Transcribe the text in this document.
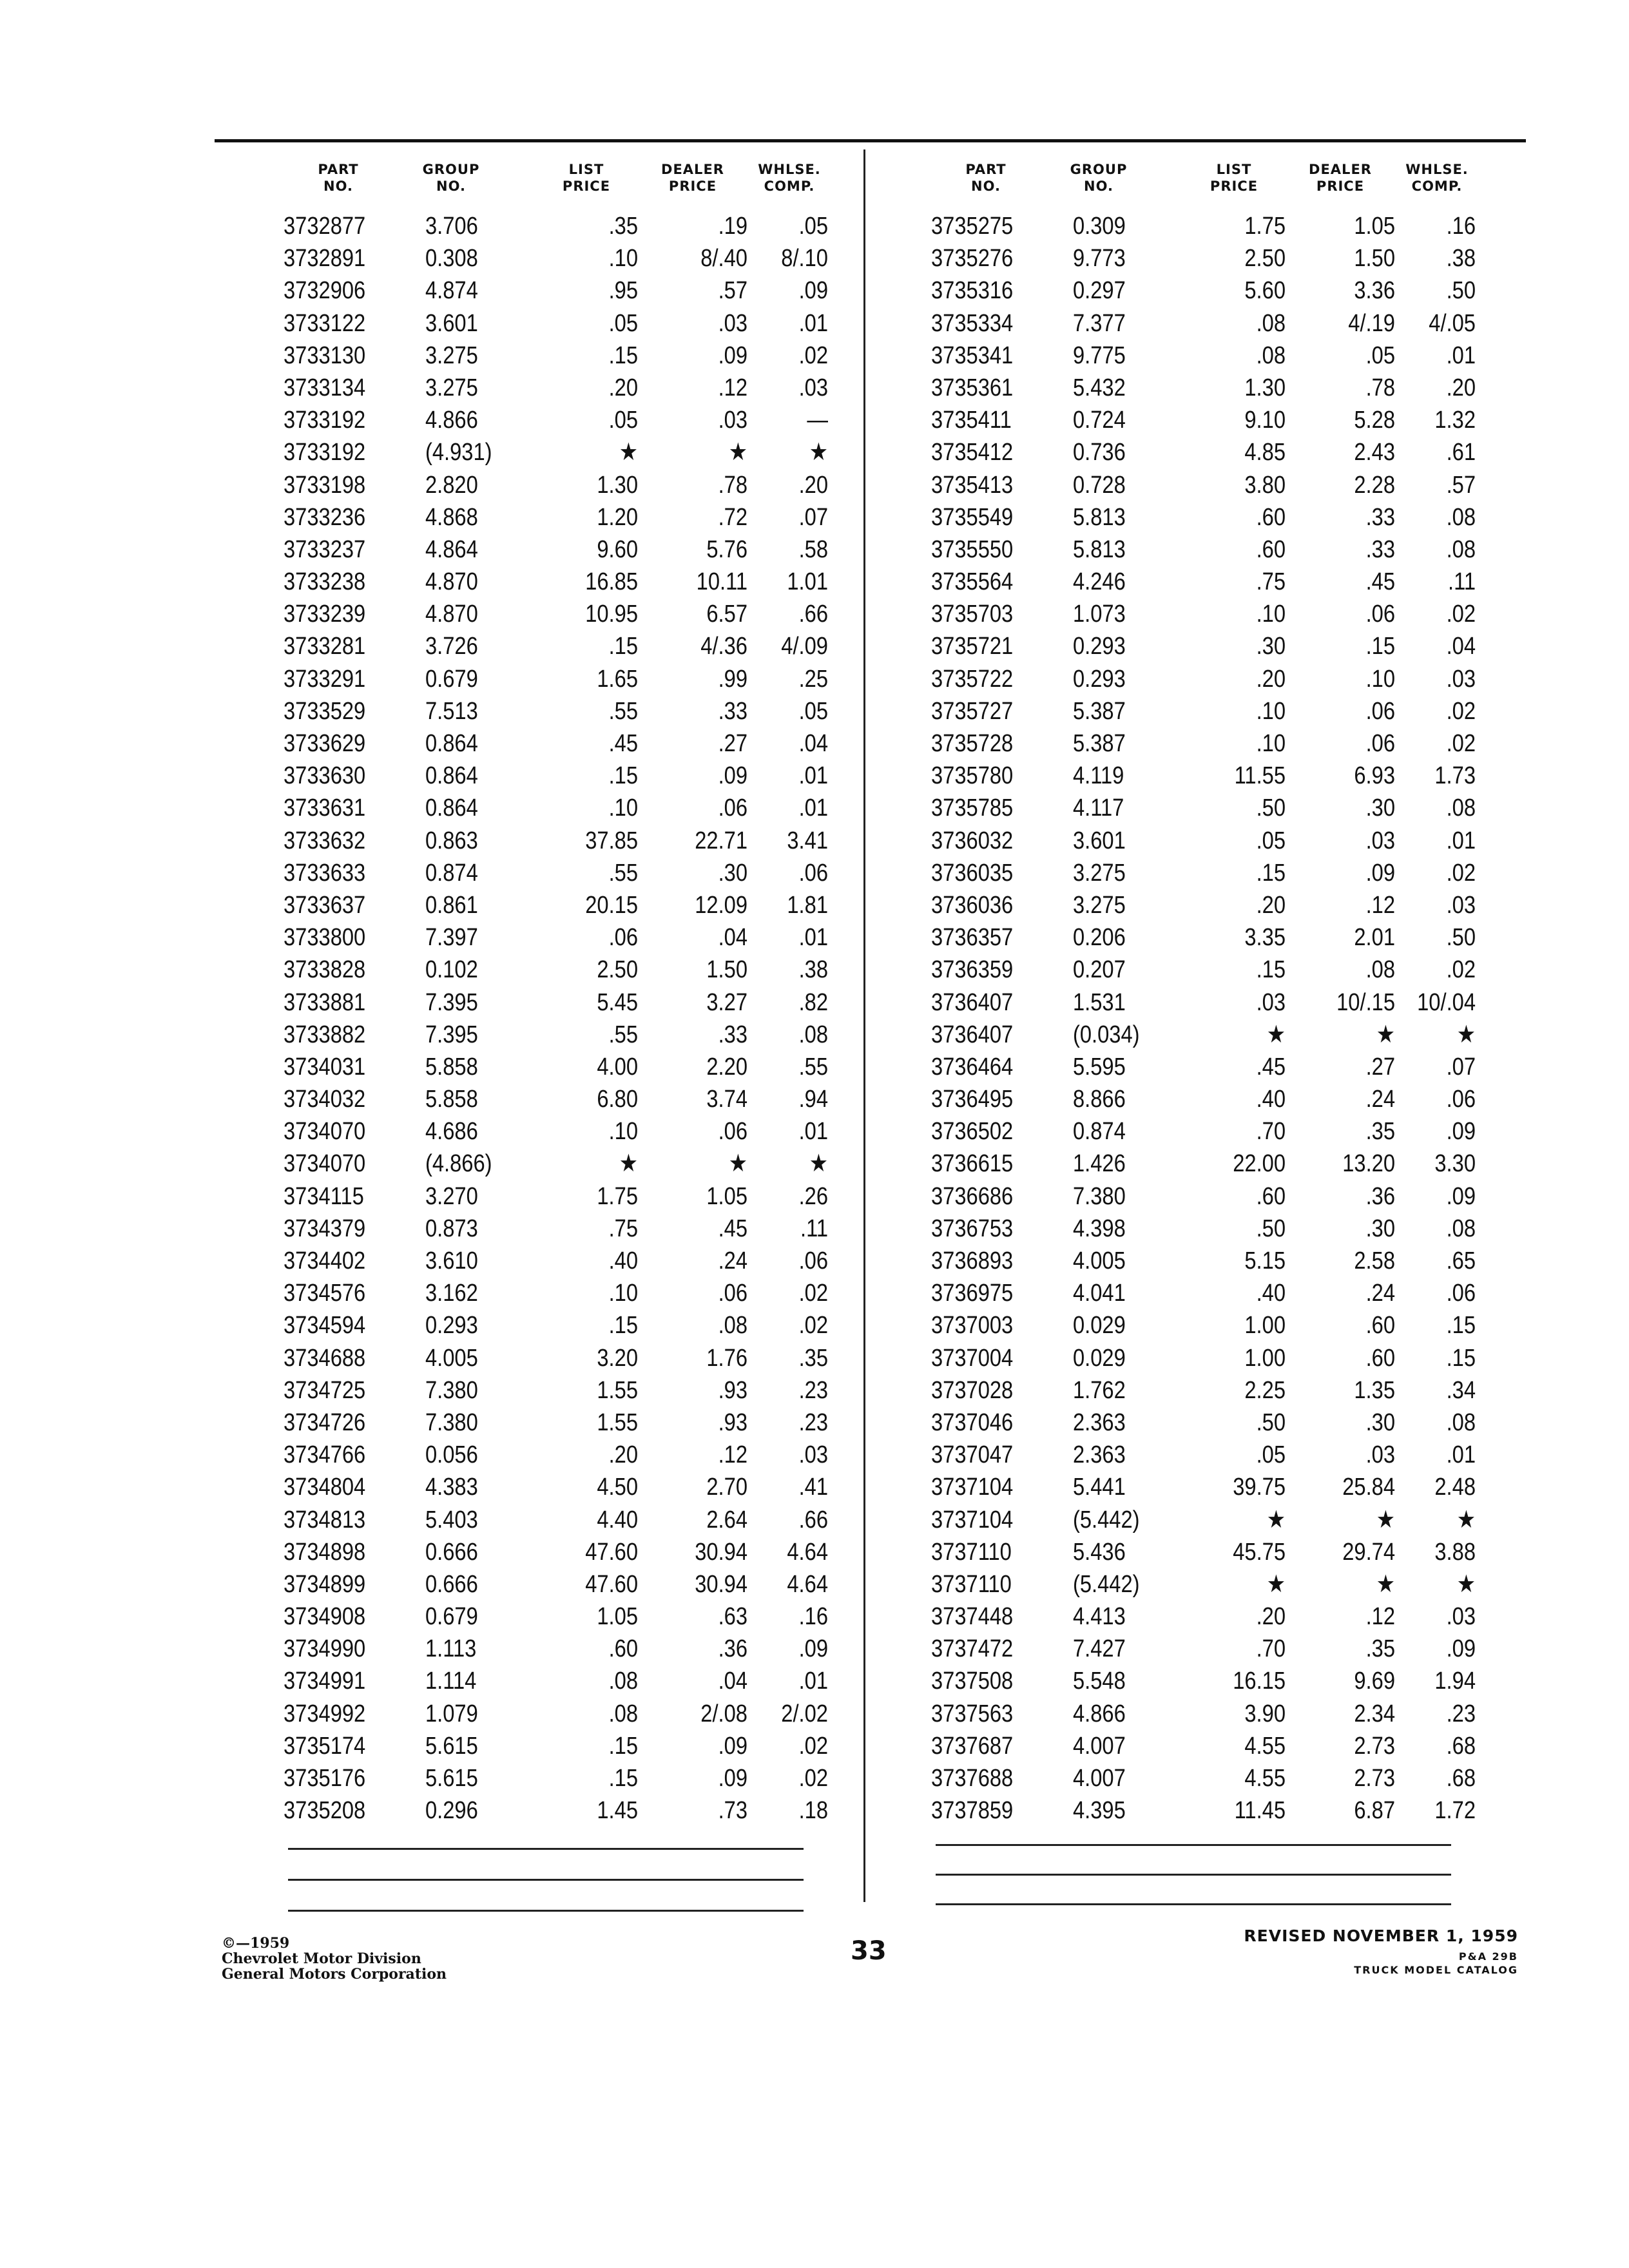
PART
NO.
GROUP
NO.
LIST
PRICE
DEALER
PRICE
WHLSE.
COMP.
3732877 3.706	.35	.19	.05
3732891 0.308	.10	8/.40	8/.10
3732906 4.874	.95	.57	.09
3733122 3.601	.05	.03	.01
3733130 3.275	.15	.09	.02
3733134 3.275	.20	.12	.03
3733192 4.866	.05	.03	—
3733192 (4.931)	★	★	★
3733198 2.820	1.30	.78	.20
3733236 4.868	1.20	.72	.07
3733237 4.864	9.60	5.76	.58
3733238 4.870	16.85	10.11	1.01
3733239 4.870	10.95	6.57	.66
3733281 3.726	.15	4/.36	4/.09
3733291 0.679	1.65	.99	.25
3733529 7.513	.55	.33	.05
3733629 0.864	.45	.27	.04
3733630 0.864	.15	.09	.01
3733631 0.864	.10	.06	.01
3733632 0.863	37.85	22.71	3.41
3733633 0.874	.55	.30	.06
3733637 0.861	20.15	12.09	1.81
3733800 7.397	.06	.04	.01
3733828 0.102	2.50	1.50	.38
3733881 7.395	5.45	3.27	.82
3733882 7.395	.55	.33	.08
3734031 5.858	4.00	2.20	.55
3734032 5.858	6.80	3.74	.94
3734070 4.686	.10	.06	.01
3734070 (4.866)	★	★	★
3734115	3.270	1.75	1.05	.26
3734379 0.873	.75	.45	.11
3734402 3.610	.40	.24	.06
3734576 3.162	.10	.06	.02
3734594 0.293	.15	.08	.02
3734688 4.005	3.20	1.76	.35
3734725 7.380	1.55	.93	.23
3734726 7.380	1.55	.93	.23
3734766 0.056	.20	.12	.03
3734804 4.383	4.50	2.70	.41
3734813 5.403	4.40	2.64	.66
3734898 0.666	47.60	30.94	4.64
3734899 0.666	47.60	30.94	4.64
3734908 0.679	1.05	.63	.16
3734990 1.113	.60	.36	.09
3734991 1.114	.08	.04	.01
3734992 1.079	.08	2/.08	2/.02
3735174 5.615	.15	.09	.02
3735176 5.615	.15	.09	.02
3735208 0.296	1.45	.73	.18
PART
NO.
GROUP
NO.
LIST
PRICE
DEALER
PRICE
WHLSE.
COMP.
3735275 0.309	1.75	1.05	.16
3735276 9.773	2.50	1.50	.38
3735316 0.297	5.60	3.36	.50
3735334 7.377	.08	4/.19	4/.05
3735341 9.775	.08	.05	.01
3735361 5.432	1.30	.78	.20
3735411	0.724	9.10	5.28	1.32
3735412 0.736	4.85	2.43	.61
3735413 0.728	3.80	2.28	.57
3735549 5.813	.60	.33	.08
3735550 5.813	.60	.33	.08
3735564 4.246	.75	.45	.11
3735703 1.073	.10	.06	.02
3735721 0.293	.30	.15	.04
3735722 0.293	.20	.10	.03
3735727 5.387	.10	.06	.02
3735728 5.387	.10	.06	.02
3735780 4.119	11.55	6.93	1.73
3735785 4.117	.50	.30	.08
3736032 3.601	.05	.03	.01
3736035 3.275	.15	.09	.02
3736036 3.275	.20	.12	.03
3736357 0.206	3.35	2.01	.50
3736359 0.207	.15	.08	.02
3736407 1.531	.03	10/.15 10/.04
3736407 (0.034)	★	★	★
3736464 5.595	.45	.27	.07
3736495 8.866	.40	.24	.06
3736502 0.874	.70	.35	.09
3736615 1.426	22.00	13.20	3.30
3736686 7.380	.60	.36	.09
3736753 4.398	.50	.30	.08
3736893 4.005	5.15	2.58	.65
3736975 4.041	.40	.24	.06
3737003 0.029	1.00	.60	.15
3737004 0.029	1.00	.60	.15
3737028 1.762	2.25	1.35	.34
3737046 2.363	.50	.30	.08
3737047 2.363	.05	.03	.01
3737104 5.441	39.75	25.84	2.48
3737104 (5.442)	★	★	★
3737110	5.436	45.75	29.74	3.88
3737110	(5.442)	★	★	★
3737448 4.413	.20	.12	.03
3737472 7.427	.70	.35	.09
3737508 5.548	16.15	9.69	1.94
3737563 4.866	3.90	2.34	.23
3737687 4.007	4.55	2.73	.68
3737688 4.007	4.55	2.73	.68
3737859 4.395	11.45	6.87	1.72
©—1959
Chevrolet Motor Division
General Motors Corporation
33
REVISED NOVEMBER 1, 1959
P&A 29B
TRUCK MODEL CATALOG
